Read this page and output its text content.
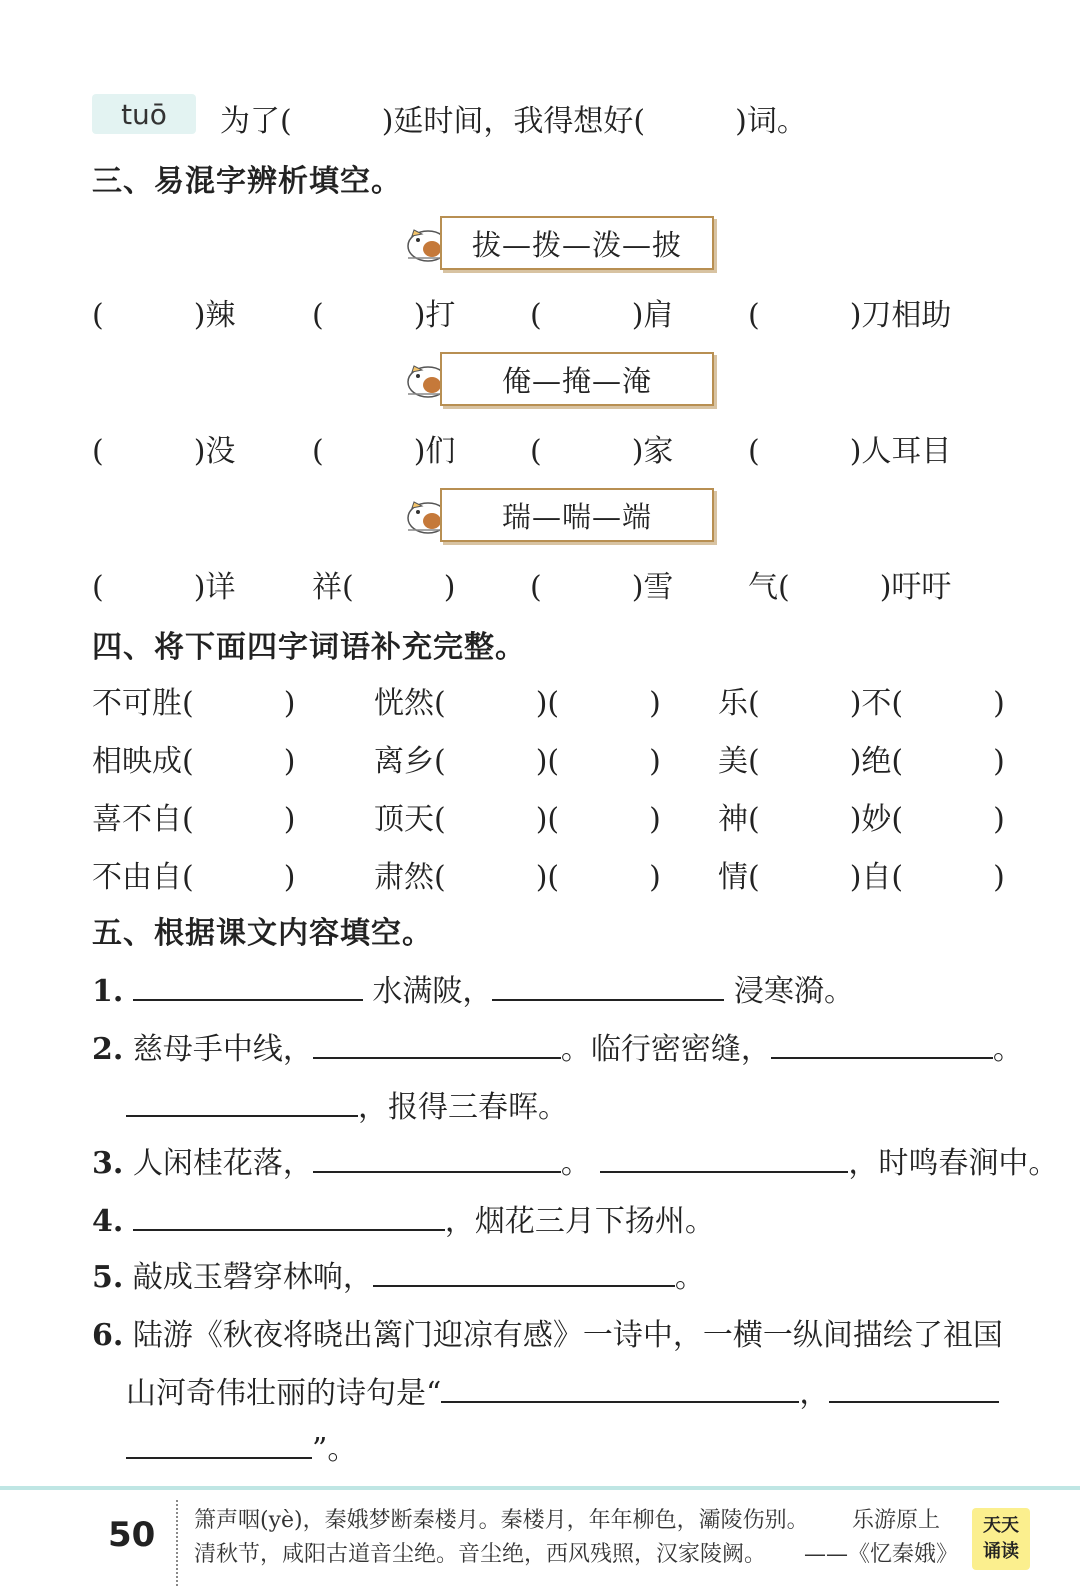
tuō	为了(　　　)延时间，我得想好(　　　)词。
三、易混字辨析填空。
拔—拨—泼—披
(　　　)辣	(　　　)打 (　　　)肩 (　　　)刀相助
俺—掩—淹
(　　　)没	(　　　)们 (　　　)家 (　　　)人耳目
瑞—喘—端
(　　　)详	祥(　　　) (　　　)雪 气(　　　)吁吁
四、将下面四字词语补充完整。
不可胜(　　　)	恍然(　　　)(　　　) 乐(　　　)不(　　　)
相映成(　　　)	离乡(　　　)(　　　) 美(　　　)绝(　　　)
喜不自(　　　)	顶天(　　　)(　　　) 神(　　　)妙(　　　)
不由自(　　　)	肃然(　　　)(　　　) 情(　　　)自(　　　)
五、根据课文内容填空。
1.	水满陂，	浸寒漪。
2. 慈母手中线，	。临行密密缝，	。
，报得三春晖。
3. 人闲桂花落，	。	，时鸣春涧中。
4.	，烟花三月下扬州。
5. 敲成玉磬穿林响，	。
6. 陆游《秋夜将晓出篱门迎凉有感》一诗中，一横一纵间描绘了祖国
山河奇伟壮丽的诗句是“	，
”。
50 箫声咽(yè)，秦娥梦断秦楼月。秦楼月，年年柳色，灞陵伤别。
清秋节，咸阳古道音尘绝。音尘绝，西风残照，汉家陵阙。
乐游原上
——《忆秦娥》
天天
诵读
